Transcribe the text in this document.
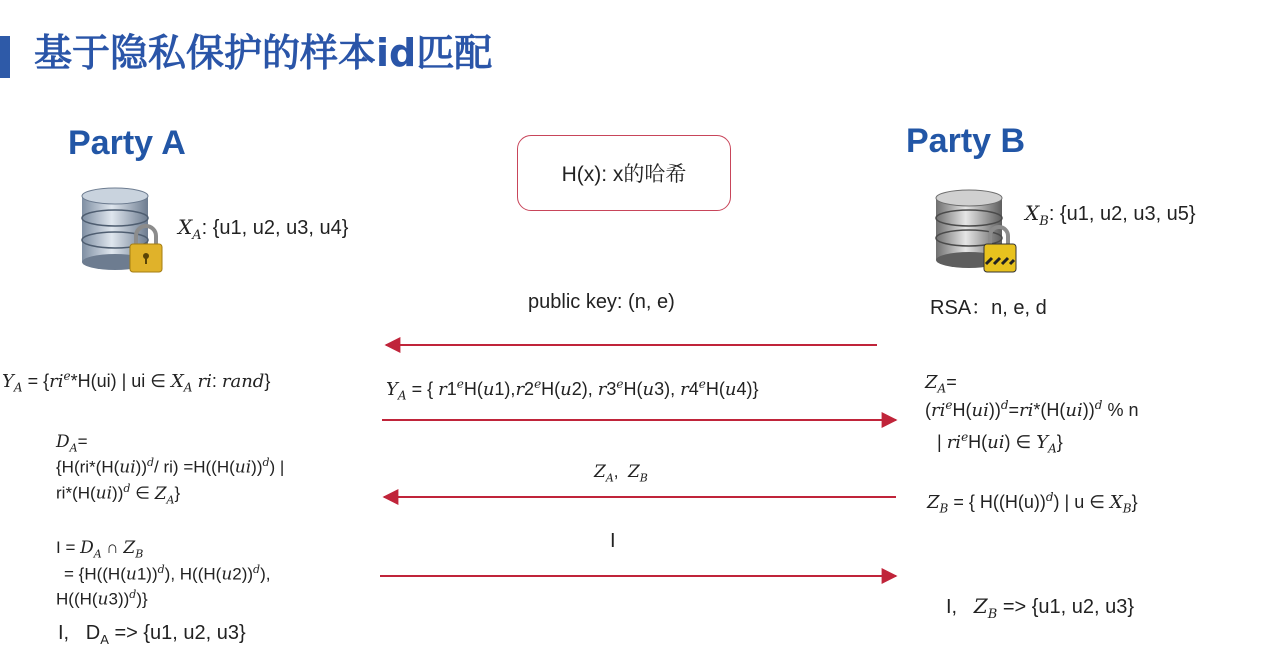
基于隐私保护的样本id匹配
Party A
$X_A$: {u1, u2, u3, u4}
Party B
$X_B$: {u1, u2, u3, u5}
RSA：n, e, d
H(x): x的哈希
public key: (n, e)
$Y_A$ = { r1eH(u1),r2eH(u2), r3eH(u3), r4eH(u4)}
$Z_A$,  $Z_B$
I
$Y_A = \{ri^e*H(ui)$ | ui ∈ $X_A$ ri: rand}
$D_A=$
{$H(ri*(H(ui))^d/$ $ri) =H((H(ui))^d)$ |
$ri*(H(ui))^d$ ∈ $Z_A$}
$I = D_A$ ∩ $Z_B$
= {$H((H(u1))^d)$, $H((H(u2))^d)$,
$H((H(u3))^d)$}
I,   $D_A => \{u1$, u2, u3}
$Z_A=$
$(ri^eH(ui))^d=ri*(H(ui))^d$ % n
| $ri^eH(ui)$ ∈ $Y_A$}
$Z_B$ = { $H((H(u))^d)$ | u ∈ $X_B$}
I,   $Z_B => \{u1$, u2, u3}
